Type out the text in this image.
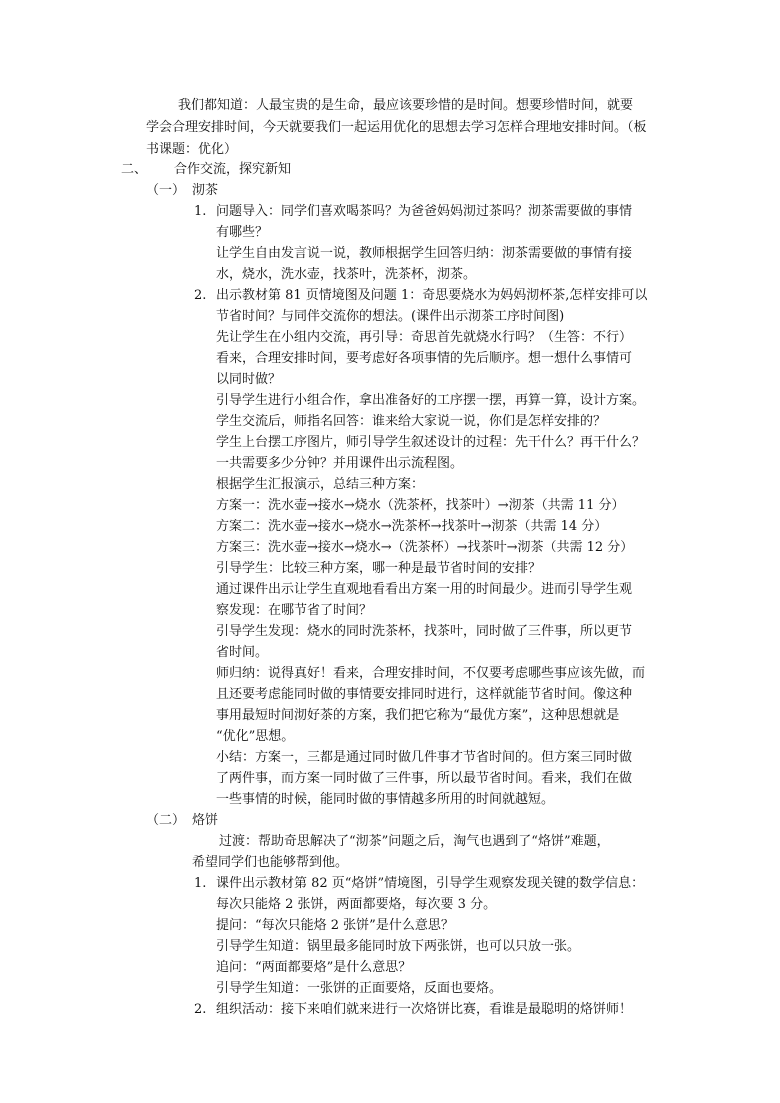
我们都知道：人最宝贵的是生命，最应该要珍惜的是时间。想要珍惜时间，就要
学会合理安排时间，今天就要我们一起运用优化的思想去学习怎样合理地安排时间。（板
书课题：优化）
二、 合作交流，探究新知
（一） 沏茶
1. 问题导入：同学们喜欢喝茶吗？为爸爸妈妈沏过茶吗？沏茶需要做的事情
有哪些？
让学生自由发言说一说，教师根据学生回答归纳：沏茶需要做的事情有接
水，烧水，洗水壶，找茶叶，洗茶杯，沏茶。
2. 出示教材第 81 页情境图及问题 1：奇思要烧水为妈妈沏杯茶,怎样安排可以
节省时间？与同伴交流你的想法。(课件出示沏茶工序时间图)
先让学生在小组内交流，再引导：奇思首先就烧水行吗？（生答：不行）
看来，合理安排时间，要考虑好各项事情的先后顺序。想一想什么事情可
以同时做？
引导学生进行小组合作，拿出准备好的工序摆一摆，再算一算，设计方案。
学生交流后，师指名回答：谁来给大家说一说，你们是怎样安排的？
学生上台摆工序图片，师引导学生叙述设计的过程：先干什么？再干什么？
一共需要多少分钟？并用课件出示流程图。
根据学生汇报演示，总结三种方案：
方案一：洗水壶→接水→烧水（洗茶杯，找茶叶）→沏茶（共需 11 分）
方案二：洗水壶→接水→烧水→洗茶杯→找茶叶→沏茶（共需 14 分）
方案三：洗水壶→接水→烧水→（洗茶杯）→找茶叶→沏茶（共需 12 分）
引导学生：比较三种方案，哪一种是最节省时间的安排？
通过课件出示让学生直观地看看出方案一用的时间最少。进而引导学生观
察发现：在哪节省了时间？
引导学生发现：烧水的同时洗茶杯，找茶叶，同时做了三件事，所以更节
省时间。
师归纳：说得真好！看来，合理安排时间，不仅要考虑哪些事应该先做，而
且还要考虑能同时做的事情要安排同时进行，这样就能节省时间。像这种
事用最短时间沏好茶的方案，我们把它称为“最优方案”，这种思想就是
“优化”思想。
小结：方案一，三都是通过同时做几件事才节省时间的。但方案三同时做
了两件事，而方案一同时做了三件事，所以最节省时间。看来，我们在做
一些事情的时候，能同时做的事情越多所用的时间就越短。
（二） 烙饼
过渡：帮助奇思解决了“沏茶”问题之后，淘气也遇到了“烙饼”难题，
希望同学们也能够帮到他。
1. 课件出示教材第 82 页“烙饼”情境图，引导学生观察发现关键的数学信息：
每次只能烙 2 张饼，两面都要烙，每次要 3 分。
提问：“每次只能烙 2 张饼”是什么意思？
引导学生知道：锅里最多能同时放下两张饼，也可以只放一张。
追问：“两面都要烙”是什么意思？
引导学生知道：一张饼的正面要烙，反面也要烙。
2. 组织活动：接下来咱们就来进行一次烙饼比赛，看谁是最聪明的烙饼师！
